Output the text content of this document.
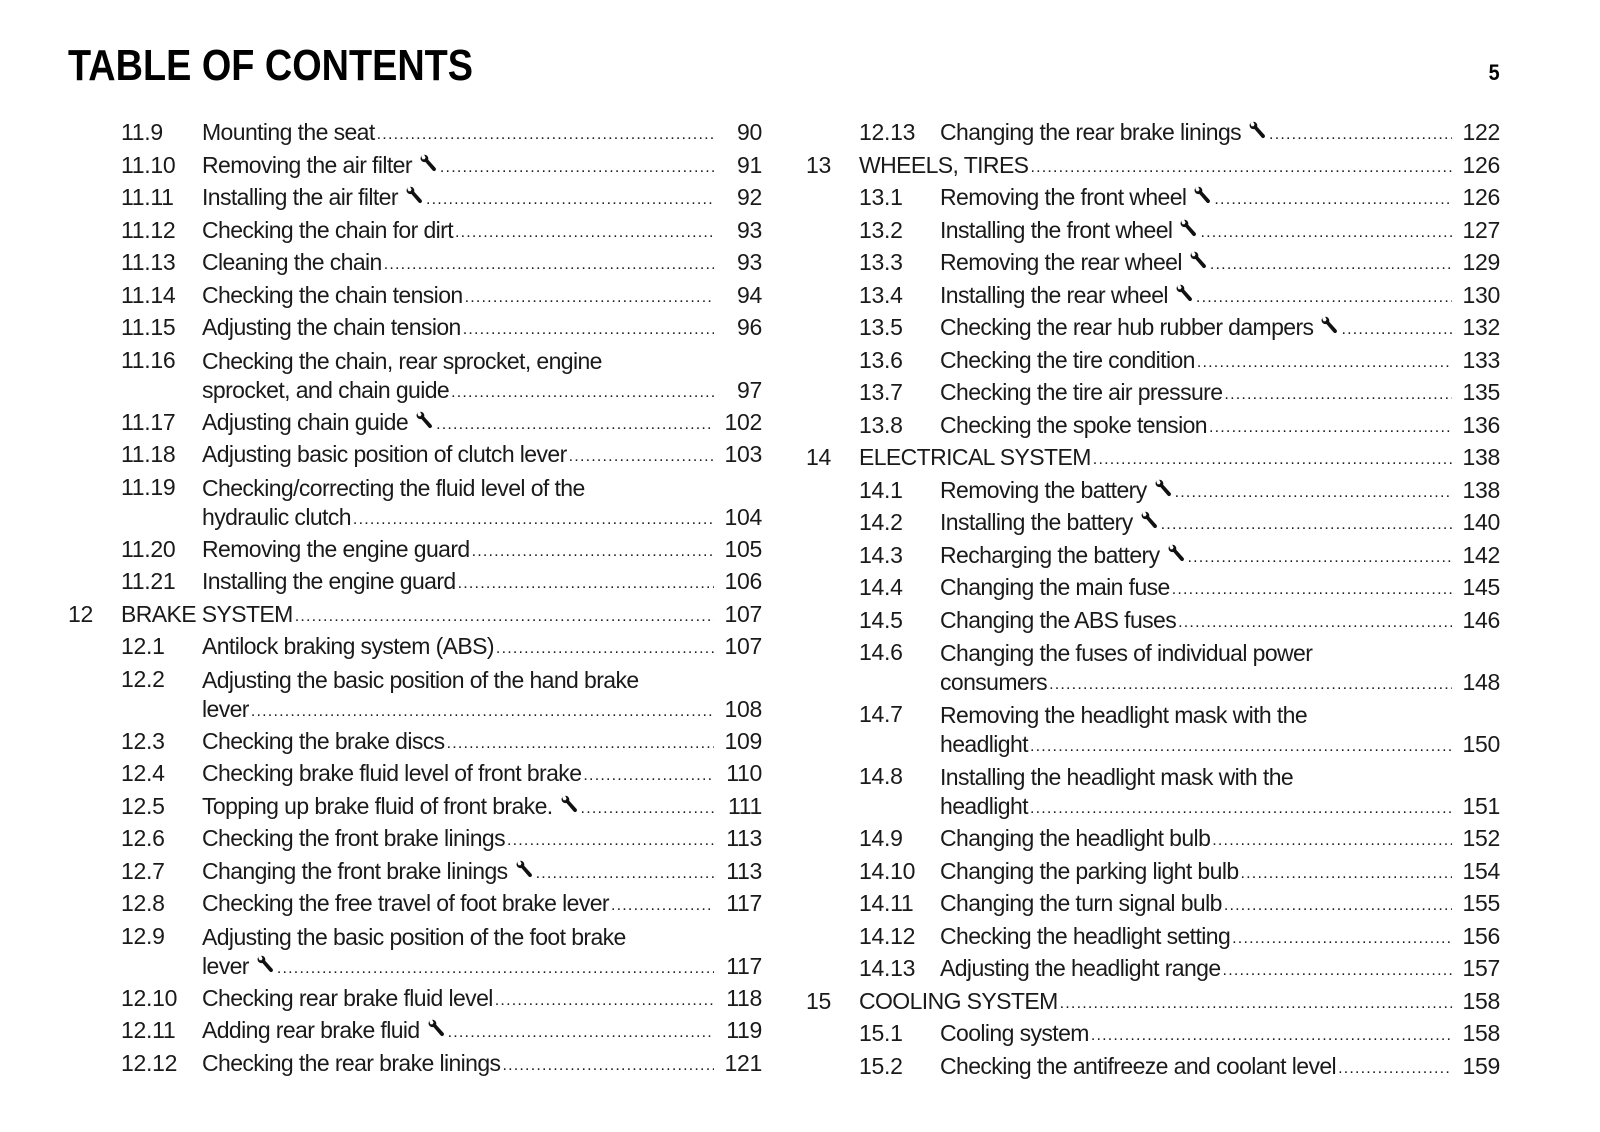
TABLE OF CONTENTS	5
11.9 Mounting the seat .....	90
11.10 Removing the air filter .....	91
11.11 Installing the air filter .....	92
11.12 Checking the chain for dirt .....	93
11.13 Cleaning the chain .....	93
11.14 Checking the chain tension .....	94
11.15 Adjusting the chain tension .....	96
11.16 Checking the chain, rear sprocket, engine
sprocket, and chain guide .....	97
11.17 Adjusting chain guide .....	102
11.18 Adjusting basic position of clutch lever .....	103
11.19 Checking/correcting the fluid level of the
hydraulic clutch .....	104
11.20 Removing the engine guard .....	105
11.21 Installing the engine guard .....	106
12 BRAKE SYSTEM .....	107
12.1 Antilock braking system (ABS) .....	107
12.2 Adjusting the basic position of the hand brake
lever .....	108
12.3 Checking the brake discs .....	109
12.4 Checking brake fluid level of front brake .....	110
12.5 Topping up brake fluid of front brake. .....	111
12.6 Checking the front brake linings .....	113
12.7 Changing the front brake linings .....	113
12.8 Checking the free travel of foot brake lever .....	117
12.9 Adjusting the basic position of the foot brake
lever .....	117
12.10 Checking rear brake fluid level .....	118
12.11 Adding rear brake fluid .....	119
12.12 Checking the rear brake linings .....	121
12.13 Changing the rear brake linings .....	122
13 WHEELS, TIRES .....	126
13.1 Removing the front wheel .....	126
13.2 Installing the front wheel .....	127
13.3 Removing the rear wheel .....	129
13.4 Installing the rear wheel .....	130
13.5 Checking the rear hub rubber dampers .....	132
13.6 Checking the tire condition .....	133
13.7 Checking the tire air pressure .....	135
13.8 Checking the spoke tension .....	136
14 ELECTRICAL SYSTEM .....	138
14.1 Removing the battery .....	138
14.2 Installing the battery .....	140
14.3 Recharging the battery .....	142
14.4 Changing the main fuse .....	145
14.5 Changing the ABS fuses .....	146
14.6 Changing the fuses of individual power
consumers .....	148
14.7 Removing the headlight mask with the
headlight .....	150
14.8 Installing the headlight mask with the
headlight .....	151
14.9 Changing the headlight bulb .....	152
14.10 Changing the parking light bulb .....	154
14.11 Changing the turn signal bulb .....	155
14.12 Checking the headlight setting .....	156
14.13 Adjusting the headlight range .....	157
15 COOLING SYSTEM .....	158
15.1 Cooling system .....	158
15.2 Checking the antifreeze and coolant level .....	159
